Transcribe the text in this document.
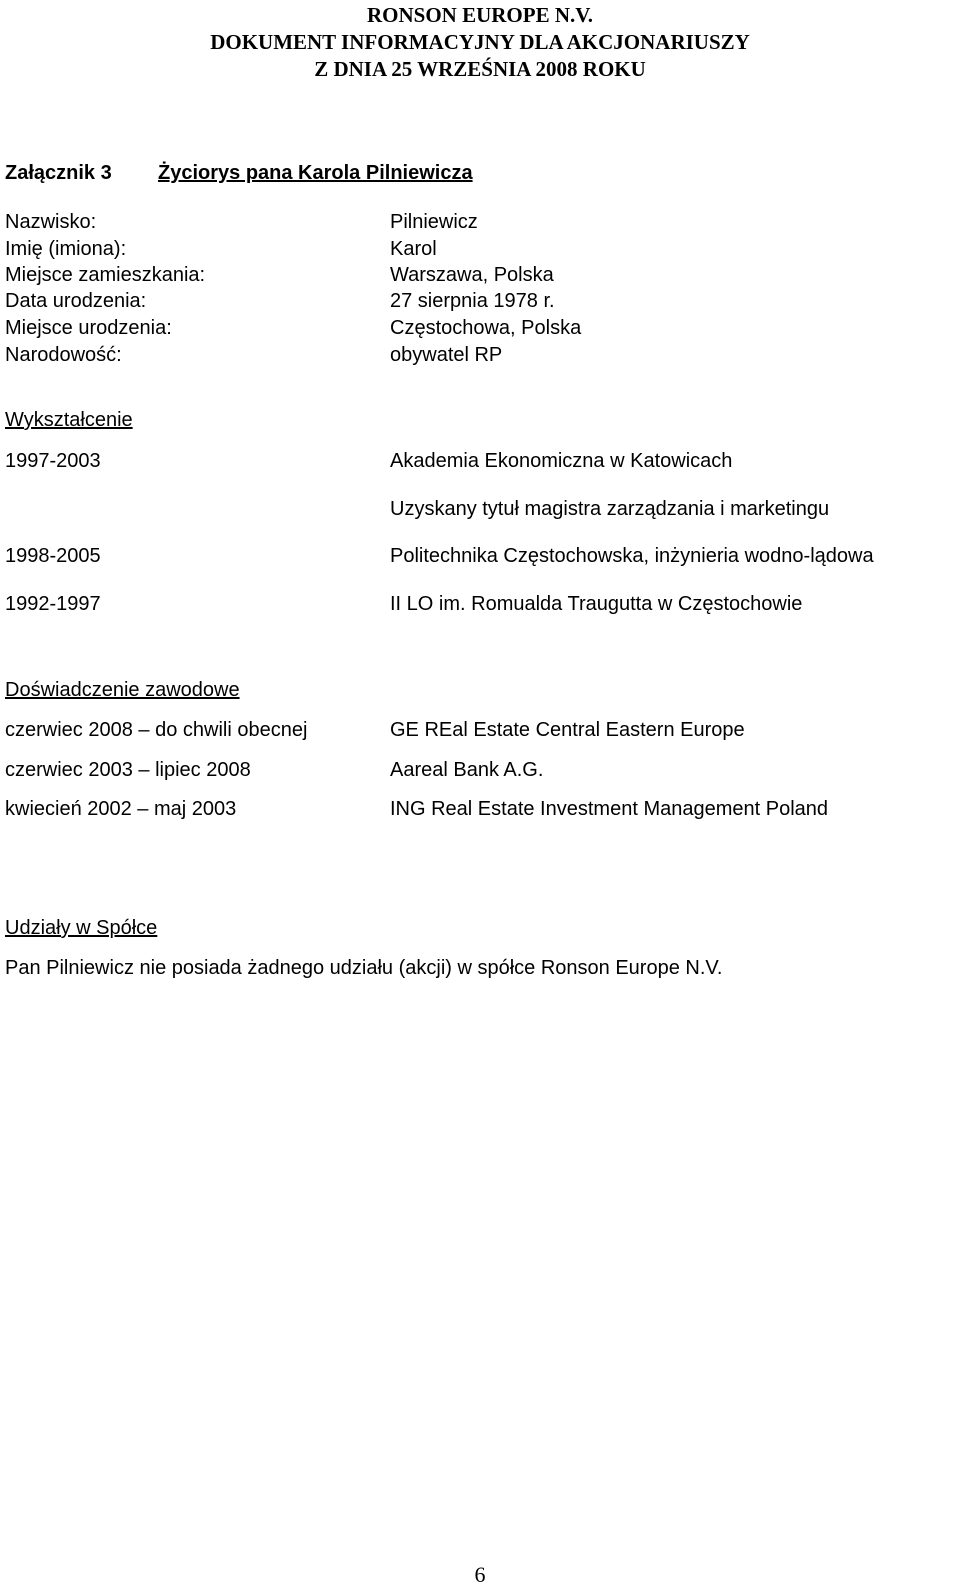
RONSON EUROPE N.V.
DOKUMENT INFORMACYJNY DLA AKCJONARIUSZY
Z DNIA 25 WRZEŚNIA 2008 ROKU
Załącznik 3 Życiorys pana Karola Pilniewicza
Nazwisko:	Pilniewicz
Imię (imiona):	Karol
Miejsce zamieszkania:	Warszawa, Polska
Data urodzenia:	27 sierpnia 1978 r.
Miejsce urodzenia:	Częstochowa, Polska
Narodowość:	obywatel RP
Wykształcenie
1997-2003	Akademia Ekonomiczna w Katowicach
Uzyskany tytuł magistra zarządzania i marketingu
1998-2005	Politechnika Częstochowska, inżynieria wodno-lądowa
1992-1997	II LO im. Romualda Traugutta w Częstochowie
Doświadczenie zawodowe
czerwiec 2008 – do chwili obecnej	GE REal Estate Central Eastern Europe
czerwiec 2003 – lipiec 2008	Aareal Bank A.G.
kwiecień 2002 – maj 2003	ING Real Estate Investment Management Poland
Udziały w Spółce
Pan Pilniewicz nie posiada żadnego udziału (akcji) w spółce Ronson Europe N.V.
6
